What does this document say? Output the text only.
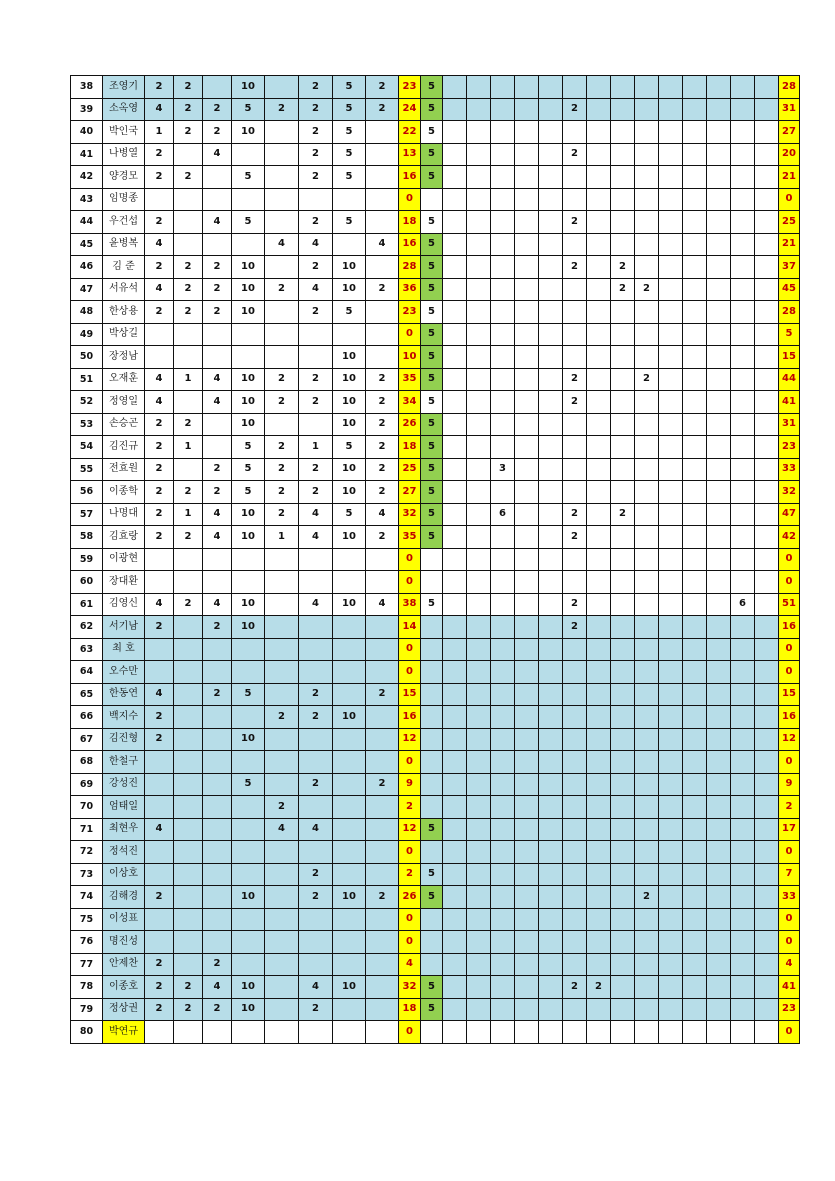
38	조영기	2	2		10		2	5	2	23	5															28
39	소옥영	4	2	2	5	2	2	5	2	24	5						2									31
40	박인국	1	2	2	10		2	5		22	5															27
41	나병열	2		4			2	5		13	5						2									20
42	양경모	2	2		5		2	5		16	5															21
43	임명종									0																0
44	우건섭	2		4	5		2	5		18	5						2									25
45	윤병복	4				4	4		4	16	5															21
46	김 준	2	2	2	10		2	10		28	5						2		2							37
47	서유석	4	2	2	10	2	4	10	2	36	5								2	2						45
48	한상용	2	2	2	10		2	5		23	5															28
49	박상길									0	5															5
50	장정남							10		10	5															15
51	오재훈	4	1	4	10	2	2	10	2	35	5						2			2						44
52	정영일	4		4	10	2	2	10	2	34	5						2									41
53	손승곤	2	2		10			10	2	26	5															31
54	김진규	2	1		5	2	1	5	2	18	5															23
55	전효원	2		2	5	2	2	10	2	25	5			3												33
56	이종학	2	2	2	5	2	2	10	2	27	5															32
57	나명대	2	1	4	10	2	4	5	4	32	5			6			2		2							47
58	김효랑	2	2	4	10	1	4	10	2	35	5						2									42
59	이광현									0																0
60	장대환									0																0
61	김영신	4	2	4	10		4	10	4	38	5						2							6		51
62	서기남	2		2	10					14							2									16
63	최 호									0																0
64	오수만									0																0
65	한동연	4		2	5		2		2	15																15
66	백지수	2				2	2	10		16																16
67	김진형	2			10					12																12
68	한철구									0																0
69	강성진				5		2		2	9																9
70	엄태일					2				2																2
71	최현우	4				4	4			12	5															17
72	정석진									0																0
73	이상호						2			2	5															7
74	김해경	2			10		2	10	2	26	5									2						33
75	이성표									0																0
76	명진성									0																0
77	안제찬	2		2						4																4
78	이종호	2	2	4	10		4	10		32	5						2	2								41
79	정상권	2	2	2	10		2			18	5															23
80	박연규									0																0
